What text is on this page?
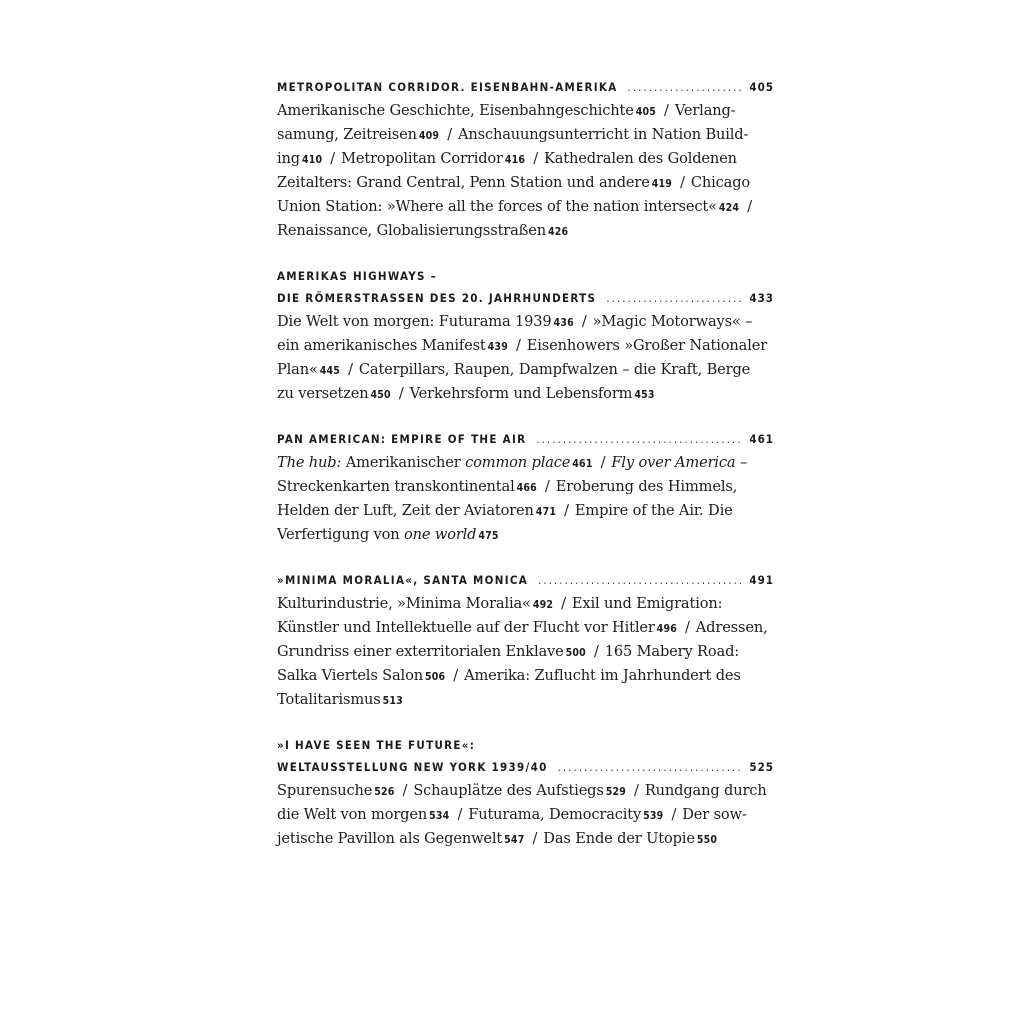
METROPOLITAN CORRIDOR. EISENBAHN-AMERIKA .....	405
Amerikanische Geschichte, Eisenbahngeschichte 405 / Verlang-
samung, Zeitreisen 409 / Anschauungsunterricht in Nation Build-
ing 410 / Metropolitan Corridor 416 / Kathedralen des Goldenen
Zeitalters: Grand Central, Penn Station und andere 419 / Chicago
Union Station: »Where all the forces of the nation intersect« 424 /
Renaissance, Globalisierungsstraßen 426
AMERIKAS HIGHWAYS –
DIE RÖMERSTRASSEN DES 20. JAHRHUNDERTS .....	433
Die Welt von morgen: Futurama 1939 436 / »Magic Motorways« –
ein amerikanisches Manifest 439 / Eisenhowers »Großer Nationaler
Plan« 445 / Caterpillars, Raupen, Dampfwalzen – die Kraft, Berge
zu versetzen 450 / Verkehrsform und Lebensform 453
PAN AMERICAN: EMPIRE OF THE AIR .....	461
The hub: Amerikanischer common place 461 / Fly over America –
Streckenkarten transkontinental 466 / Eroberung des Himmels,
Helden der Luft, Zeit der Aviatoren 471 / Empire of the Air. Die
Verfertigung von one world 475
»MINIMA MORALIA«, SANTA MONICA .....	491
Kulturindustrie, »Minima Moralia« 492 / Exil und Emigration:
Künstler und Intellektuelle auf der Flucht vor Hitler 496 / Adressen,
Grundriss einer exterritorialen Enklave 500 / 165 Mabery Road:
Salka Viertels Salon 506 / Amerika: Zuflucht im Jahrhundert des
Totalitarismus 513
»I HAVE SEEN THE FUTURE«:
WELTAUSSTELLUNG NEW YORK 1939/40 .....	525
Spurensuche 526 / Schauplätze des Aufstiegs 529 / Rundgang durch
die Welt von morgen 534 / Futurama, Democracity 539 / Der sow-
jetische Pavillon als Gegenwelt 547 / Das Ende der Utopie 550
